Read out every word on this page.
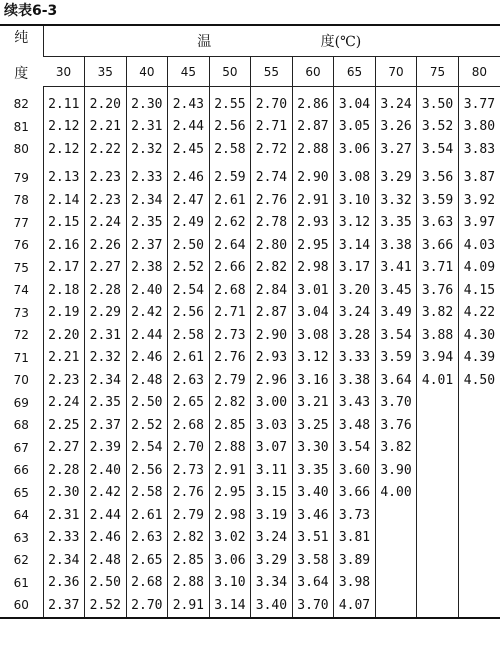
续表6-3
纯
度	温 度(℃)										
	30	35	40	45	50	55	60	65	70	75	80
82	2.11	2.20	2.30	2.43	2.55	2.70	2.86	3.04	3.24	3.50	3.77
81	2.12	2.21	2.31	2.44	2.56	2.71	2.87	3.05	3.26	3.52	3.80
80	2.12	2.22	2.32	2.45	2.58	2.72	2.88	3.06	3.27	3.54	3.83
79	2.13	2.23	2.33	2.46	2.59	2.74	2.90	3.08	3.29	3.56	3.87
78	2.14	2.23	2.34	2.47	2.61	2.76	2.91	3.10	3.32	3.59	3.92
77	2.15	2.24	2.35	2.49	2.62	2.78	2.93	3.12	3.35	3.63	3.97
76	2.16	2.26	2.37	2.50	2.64	2.80	2.95	3.14	3.38	3.66	4.03
75	2.17	2.27	2.38	2.52	2.66	2.82	2.98	3.17	3.41	3.71	4.09
74	2.18	2.28	2.40	2.54	2.68	2.84	3.01	3.20	3.45	3.76	4.15
73	2.19	2.29	2.42	2.56	2.71	2.87	3.04	3.24	3.49	3.82	4.22
72	2.20	2.31	2.44	2.58	2.73	2.90	3.08	3.28	3.54	3.88	4.30
71	2.21	2.32	2.46	2.61	2.76	2.93	3.12	3.33	3.59	3.94	4.39
70	2.23	2.34	2.48	2.63	2.79	2.96	3.16	3.38	3.64	4.01	4.50
69	2.24	2.35	2.50	2.65	2.82	3.00	3.21	3.43	3.70		
68	2.25	2.37	2.52	2.68	2.85	3.03	3.25	3.48	3.76		
67	2.27	2.39	2.54	2.70	2.88	3.07	3.30	3.54	3.82		
66	2.28	2.40	2.56	2.73	2.91	3.11	3.35	3.60	3.90		
65	2.30	2.42	2.58	2.76	2.95	3.15	3.40	3.66	4.00		
64	2.31	2.44	2.61	2.79	2.98	3.19	3.46	3.73			
63	2.33	2.46	2.63	2.82	3.02	3.24	3.51	3.81			
62	2.34	2.48	2.65	2.85	3.06	3.29	3.58	3.89			
61	2.36	2.50	2.68	2.88	3.10	3.34	3.64	3.98			
60	2.37	2.52	2.70	2.91	3.14	3.40	3.70	4.07			
